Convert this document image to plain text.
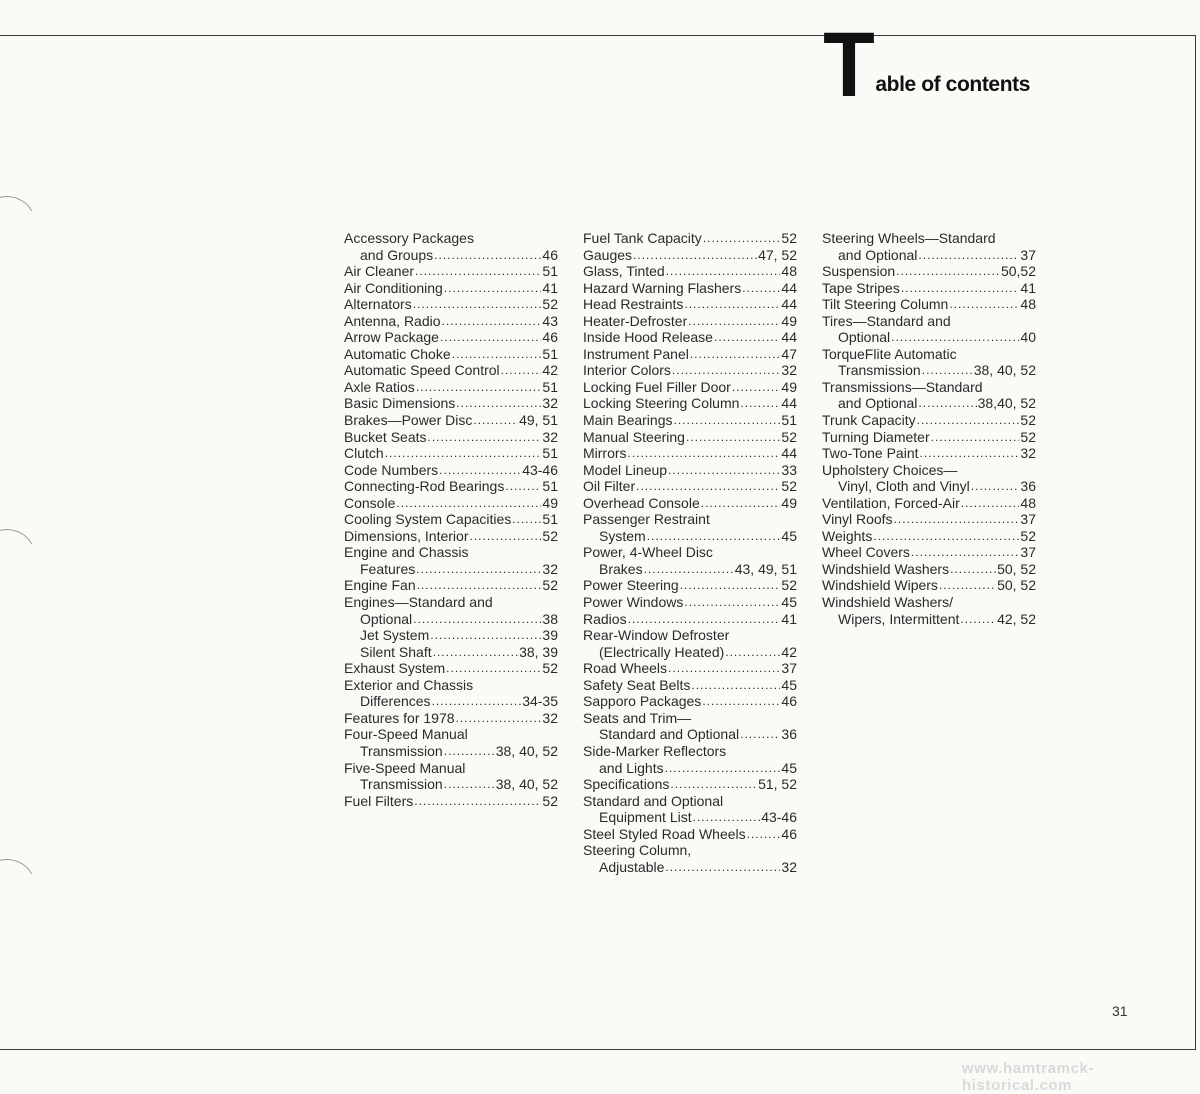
T able of contents
Accessory Packages
and Groups .....	46
Air Cleaner .....	51
Air Conditioning .....	41
Alternators .....	52
Antenna, Radio .....	43
Arrow Package .....	46
Automatic Choke .....	51
Automatic Speed Control .....	42
Axle Ratios .....	51
Basic Dimensions .....	32
Brakes—Power Disc .....	49, 51
Bucket Seats .....	32
Clutch .....	51
Code Numbers .....	43-46
Connecting-Rod Bearings .....	51
Console .....	49
Cooling System Capacities ..... 51
Dimensions, Interior .....	52
Engine and Chassis
Features .....	32
Engine Fan .....	52
Engines—Standard and
Optional .....	38
Jet System .....	39
Silent Shaft .....	38, 39
Exhaust System .....	52
Exterior and Chassis
Differences .....	34-35
Features for 1978 .....	32
Four-Speed Manual
Transmission .....	38, 40, 52
Five-Speed Manual
Transmission .....	38, 40, 52
Fuel Filters .....	52
Fuel Tank Capacity .....	52
Gauges .....	47, 52
Glass, Tinted .....	48
Hazard Warning Flashers .....	44
Head Restraints .....	44
Heater-Defroster .....	49
Inside Hood Release .....	44
Instrument Panel .....	47
Interior Colors .....	32
Locking Fuel Filler Door .....	49
Locking Steering Column .....	44
Main Bearings .....	51
Manual Steering .....	52
Mirrors .....	44
Model Lineup .....	33
Oil Filter .....	52
Overhead Console .....	49
Passenger Restraint
System .....	45
Power, 4-Wheel Disc
Brakes .....	43, 49, 51
Power Steering .....	52
Power Windows .....	45
Radios .....	41
Rear-Window Defroster
(Electrically Heated) .....	42
Road Wheels .....	37
Safety Seat Belts .....	45
Sapporo Packages .....	46
Seats and Trim—
Standard and Optional .....	36
Side-Marker Reflectors
and Lights .....	45
Specifications .....	51, 52
Standard and Optional
Equipment List .....	43-46
Steel Styled Road Wheels .....	46
Steering Column,
Adjustable .....	32
Steering Wheels—Standard
and Optional .....	37
Suspension .....	50,52
Tape Stripes .....	41
Tilt Steering Column .....	48
Tires—Standard and
Optional .....	40
TorqueFlite Automatic
Transmission .....	38, 40, 52
Transmissions—Standard
and Optional .....	38,40, 52
Trunk Capacity .....	52
Turning Diameter .....	52
Two-Tone Paint .....	32
Upholstery Choices—
Vinyl, Cloth and Vinyl .....	36
Ventilation, Forced-Air .....	48
Vinyl Roofs .....	37
Weights .....	52
Wheel Covers .....	37
Windshield Washers .....	50, 52
Windshield Wipers .....	50, 52
Windshield Washers/
Wipers, Intermittent .....	42, 52
31
www.hamtramck-historical.com
